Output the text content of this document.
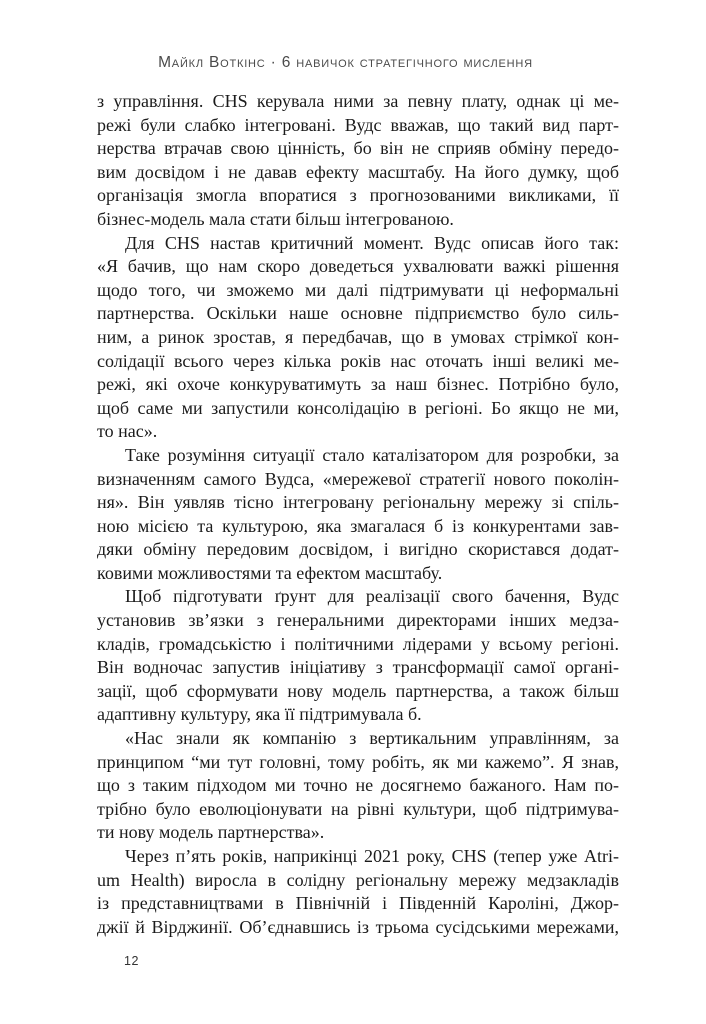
Майкл Воткінс · 6 навичок стратегічного мислення
з управління. CHS керувала ними за певну плату, однак ці ме-
режі були слабко інтегровані. Вудс вважав, що такий вид парт-
нерства втрачав свою цінність, бо він не сприяв обміну передо-
вим досвідом і не давав ефекту масштабу. На його думку, щоб
організація змогла впоратися з прогнозованими викликами, її
бізнес-модель мала стати більш інтегрованою.
Для CHS настав критичний момент. Вудс описав його так:
«Я бачив, що нам скоро доведеться ухвалювати важкі рішення
щодо того, чи зможемо ми далі підтримувати ці неформальні
партнерства. Оскільки наше основне підприємство було силь-
ним, а ринок зростав, я передбачав, що в умовах стрімкої кон-
солідації всього через кілька років нас оточать інші великі ме-
режі, які охоче конкуруватимуть за наш бізнес. Потрібно було,
щоб саме ми запустили консолідацію в регіоні. Бо якщо не ми,
то нас».
Таке розуміння ситуації стало каталізатором для розробки, за
визначенням самого Вудса, «мережевої стратегії нового поколін-
ня». Він уявляв тісно інтегровану регіональну мережу зі спіль-
ною місією та культурою, яка змагалася б із конкурентами зав-
дяки обміну передовим досвідом, і вигідно скористався додат-
ковими можливостями та ефектом масштабу.
Щоб підготувати ґрунт для реалізації свого бачення, Вудс
установив зв’язки з генеральними директорами інших медза-
кладів, громадськістю і політичними лідерами у всьому регіоні.
Він водночас запустив ініціативу з трансформації самої органі-
зації, щоб сформувати нову модель партнерства, а також більш
адаптивну культуру, яка її підтримувала б.
«Нас знали як компанію з вертикальним управлінням, за
принципом “ми тут головні, тому робіть, як ми кажемо”. Я знав,
що з таким підходом ми точно не досягнемо бажаного. Нам по-
трібно було еволюціонувати на рівні культури, щоб підтримува-
ти нову модель партнерства».
Через п’ять років, наприкінці 2021 року, CHS (тепер уже Atri-
um Health) виросла в солідну регіональну мережу медзакладів
із представництвами в Північній і Південній Кароліні, Джор-
джії й Вірджинії. Об’єднавшись із трьома сусідськими мережами,
12
